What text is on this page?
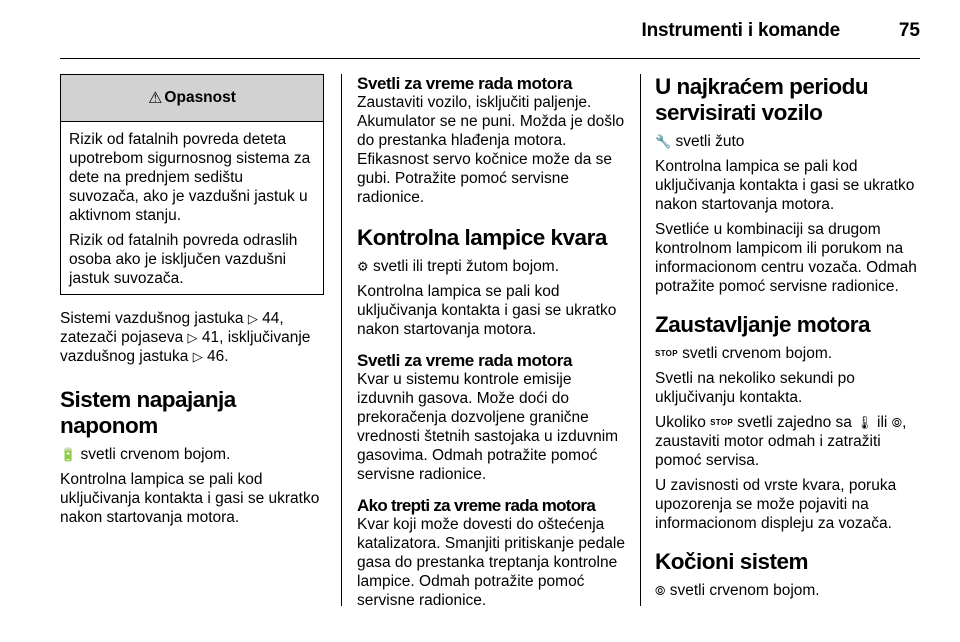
Instrumenti i komande	75
⚠ Opasnost

Rizik od fatalnih povreda deteta upotrebom sigurnosnog sistema za dete na prednjem sedištu suvozača, ako je vazdušni jastuk u aktivnom stanju.

Rizik od fatalnih povreda odraslih osoba ako je isključen vazdušni jastuk suvozača.

Sistemi vazdušnog jastuka ▷ 44,
zatezači pojaseva ▷ 41, isključivanje
vazdušnog jastuka ▷ 46.

Sistem napajanja naponom

🔋 svetli crvenom bojom.

Kontrolna lampica se pali kod uključivanja kontakta i gasi se ukratko nakon startovanja motora.

Svetli za vreme rada motora

Zaustaviti vozilo, isključiti paljenje. Akumulator se ne puni. Možda je došlo do prestanka hlađenja motora. Efikasnost servo kočnice može da se gubi. Potražite pomoć servisne radionice.

Kontrolna lampice kvara

⚙ svetli ili trepti žutom bojom.

Kontrolna lampica se pali kod uključivanja kontakta i gasi se ukratko nakon startovanja motora.

Svetli za vreme rada motora

Kvar u sistemu kontrole emisije izduvnih gasova. Može doći do prekoračenja dozvoljene granične vrednosti štetnih sastojaka u izduvnim gasovima. Odmah potražite pomoć servisne radionice.

Ako trepti za vreme rada motora

Kvar koji može dovesti do oštećenja katalizatora. Smanjiti pritiskanje pedale gasa do prestanka treptanja kontrolne lampice. Odmah potražite pomoć servisne radionice.

U najkraćem periodu servisirati vozilo

🔧 svetli žuto

Kontrolna lampica se pali kod uključivanja kontakta i gasi se ukratko nakon startovanja motora.

Svetliće u kombinaciji sa drugom kontrolnom lampicom ili porukom na informacionom centru vozača. Odmah potražite pomoć servisne radionice.

Zaustavljanje motora

STOP svetli crvenom bojom.

Svetli na nekoliko sekundi po uključivanju kontakta.

Ukoliko STOP svetli zajedno sa 🌡 ili ⦾, zaustaviti motor odmah i zatražiti pomoć servisa.

U zavisnosti od vrste kvara, poruka upozorenja se može pojaviti na informacionom displeju za vozača.

Kočioni sistem

⦾ svetli crvenom bojom.
